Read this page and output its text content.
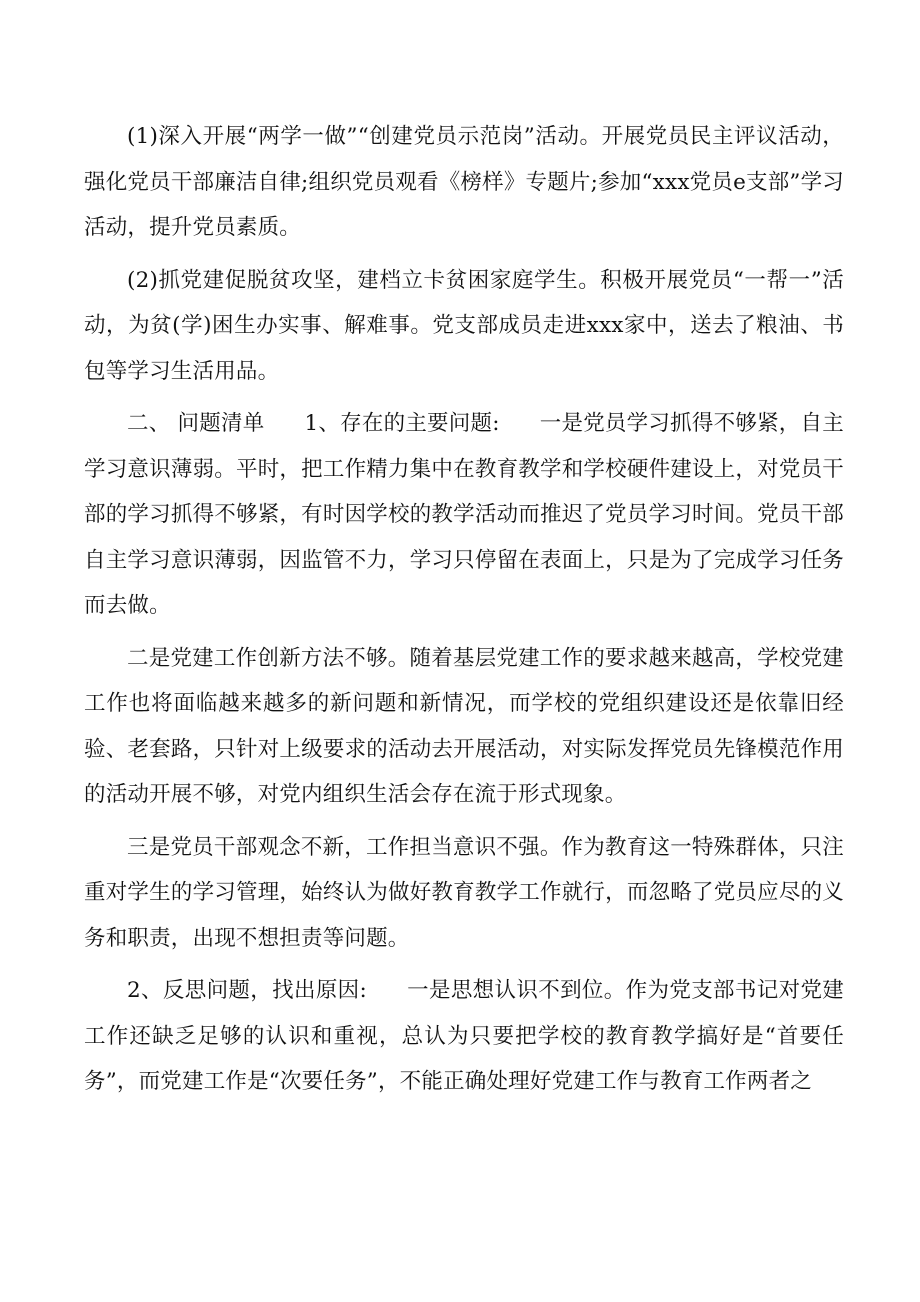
(1)深入开展“两学一做”“创建党员示范岗”活动。开展党员民主评议活动，强化党员干部廉洁自律;组织党员观看《榜样》专题片;参加“xxx党员e支部”学习活动，提升党员素质。

(2)抓党建促脱贫攻坚，建档立卡贫困家庭学生。积极开展党员“一帮一”活动，为贫(学)困生办实事、解难事。党支部成员走进xxx家中，送去了粮油、书包等学习生活用品。

二、 问题清单 1、存在的主要问题: 一是党员学习抓得不够紧，自主学习意识薄弱。平时，把工作精力集中在教育教学和学校硬件建设上，对党员干部的学习抓得不够紧，有时因学校的教学活动而推迟了党员学习时间。党员干部自主学习意识薄弱，因监管不力，学习只停留在表面上，只是为了完成学习任务而去做。

二是党建工作创新方法不够。随着基层党建工作的要求越来越高，学校党建工作也将面临越来越多的新问题和新情况，而学校的党组织建设还是依靠旧经验、老套路，只针对上级要求的活动去开展活动，对实际发挥党员先锋模范作用的活动开展不够，对党内组织生活会存在流于形式现象。

三是党员干部观念不新，工作担当意识不强。作为教育这一特殊群体，只注重对学生的学习管理，始终认为做好教育教学工作就行，而忽略了党员应尽的义务和职责，出现不想担责等问题。

2、反思问题，找出原因: 一是思想认识不到位。作为党支部书记对党建工作还缺乏足够的认识和重视，总认为只要把学校的教育教学搞好是“首要任务”，而党建工作是“次要任务”，不能正确处理好党建工作与教育工作两者之
